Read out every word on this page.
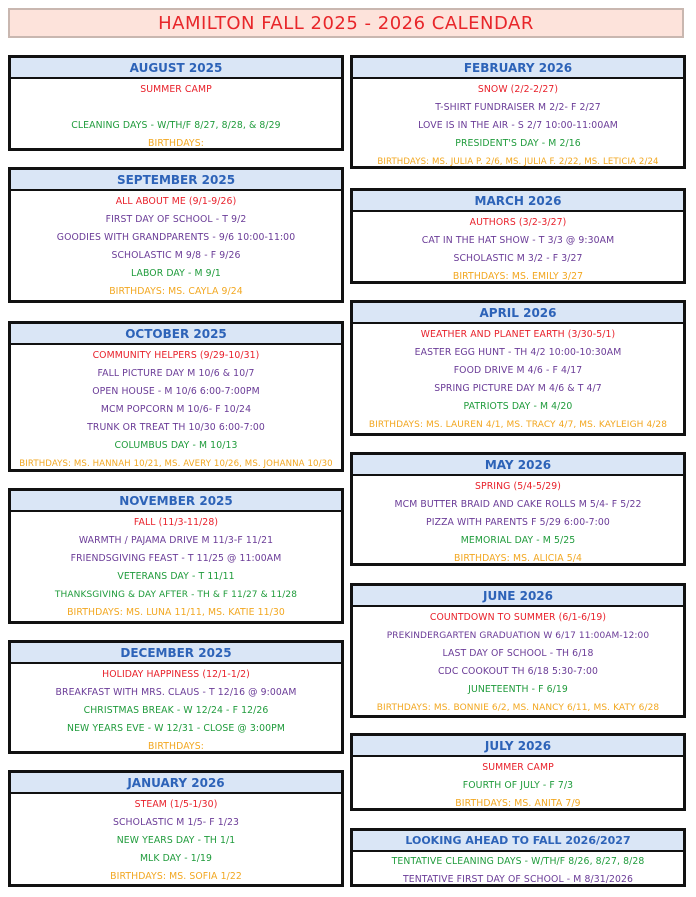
HAMILTON FALL 2025 - 2026 CALENDAR
AUGUST 2025
SUMMER CAMP
CLEANING DAYS - W/TH/F 8/27, 8/28, & 8/29
BIRTHDAYS:
SEPTEMBER 2025
ALL ABOUT ME (9/1-9/26)
FIRST DAY OF SCHOOL - T 9/2
GOODIES WITH GRANDPARENTS - 9/6 10:00-11:00
SCHOLASTIC M 9/8 - F 9/26
LABOR DAY - M 9/1
BIRTHDAYS: MS. CAYLA 9/24
OCTOBER 2025
COMMUNITY HELPERS (9/29-10/31)
FALL PICTURE DAY M 10/6 & 10/7
OPEN HOUSE - M 10/6 6:00-7:00PM
MCM POPCORN M 10/6- F 10/24
TRUNK OR TREAT TH 10/30 6:00-7:00
COLUMBUS DAY - M 10/13
BIRTHDAYS: MS. HANNAH 10/21, MS. AVERY 10/26, MS. JOHANNA 10/30
NOVEMBER 2025
FALL (11/3-11/28)
WARMTH / PAJAMA DRIVE M 11/3-F 11/21
FRIENDSGIVING FEAST - T 11/25 @ 11:00AM
VETERANS DAY - T 11/11
THANKSGIVING & DAY AFTER - TH & F 11/27 & 11/28
BIRTHDAYS: MS. LUNA 11/11, MS. KATIE 11/30
DECEMBER 2025
HOLIDAY HAPPINESS (12/1-1/2)
BREAKFAST WITH MRS. CLAUS - T 12/16 @ 9:00AM
CHRISTMAS BREAK - W 12/24 - F 12/26
NEW YEARS EVE - W 12/31 - CLOSE @ 3:00PM
BIRTHDAYS:
JANUARY 2026
STEAM (1/5-1/30)
SCHOLASTIC M 1/5- F 1/23
NEW YEARS DAY - TH 1/1
MLK DAY - 1/19
BIRTHDAYS: MS. SOFIA 1/22
FEBRUARY 2026
SNOW (2/2-2/27)
T-SHIRT FUNDRAISER M 2/2- F 2/27
LOVE IS IN THE AIR - S 2/7 10:00-11:00AM
PRESIDENT'S DAY - M 2/16
BIRTHDAYS: MS. JULIA P. 2/6, MS. JULIA F. 2/22, MS. LETICIA 2/24
MARCH 2026
AUTHORS (3/2-3/27)
CAT IN THE HAT SHOW - T 3/3 @ 9:30AM
SCHOLASTIC M 3/2 - F 3/27
BIRTHDAYS: MS. EMILY 3/27
APRIL 2026
WEATHER AND PLANET EARTH (3/30-5/1)
EASTER EGG HUNT - TH 4/2 10:00-10:30AM
FOOD DRIVE M 4/6 - F 4/17
SPRING PICTURE DAY M 4/6 & T 4/7
PATRIOTS DAY - M 4/20
BIRTHDAYS: MS. LAUREN 4/1, MS. TRACY 4/7, MS. KAYLEIGH 4/28
MAY 2026
SPRING (5/4-5/29)
MCM BUTTER BRAID AND CAKE ROLLS M 5/4- F 5/22
PIZZA WITH PARENTS F 5/29 6:00-7:00
MEMORIAL DAY - M 5/25
BIRTHDAYS: MS. ALICIA 5/4
JUNE 2026
COUNTDOWN TO SUMMER (6/1-6/19)
PREKINDERGARTEN GRADUATION W 6/17 11:00AM-12:00
LAST DAY OF SCHOOL - TH 6/18
CDC COOKOUT TH 6/18 5:30-7:00
JUNETEENTH - F 6/19
BIRTHDAYS: MS. BONNIE 6/2, MS. NANCY 6/11, MS. KATY 6/28
JULY 2026
SUMMER CAMP
FOURTH OF JULY - F 7/3
BIRTHDAYS: MS. ANITA 7/9
LOOKING AHEAD TO FALL 2026/2027
TENTATIVE CLEANING DAYS - W/TH/F 8/26, 8/27, 8/28
TENTATIVE FIRST DAY OF SCHOOL - M 8/31/2026
